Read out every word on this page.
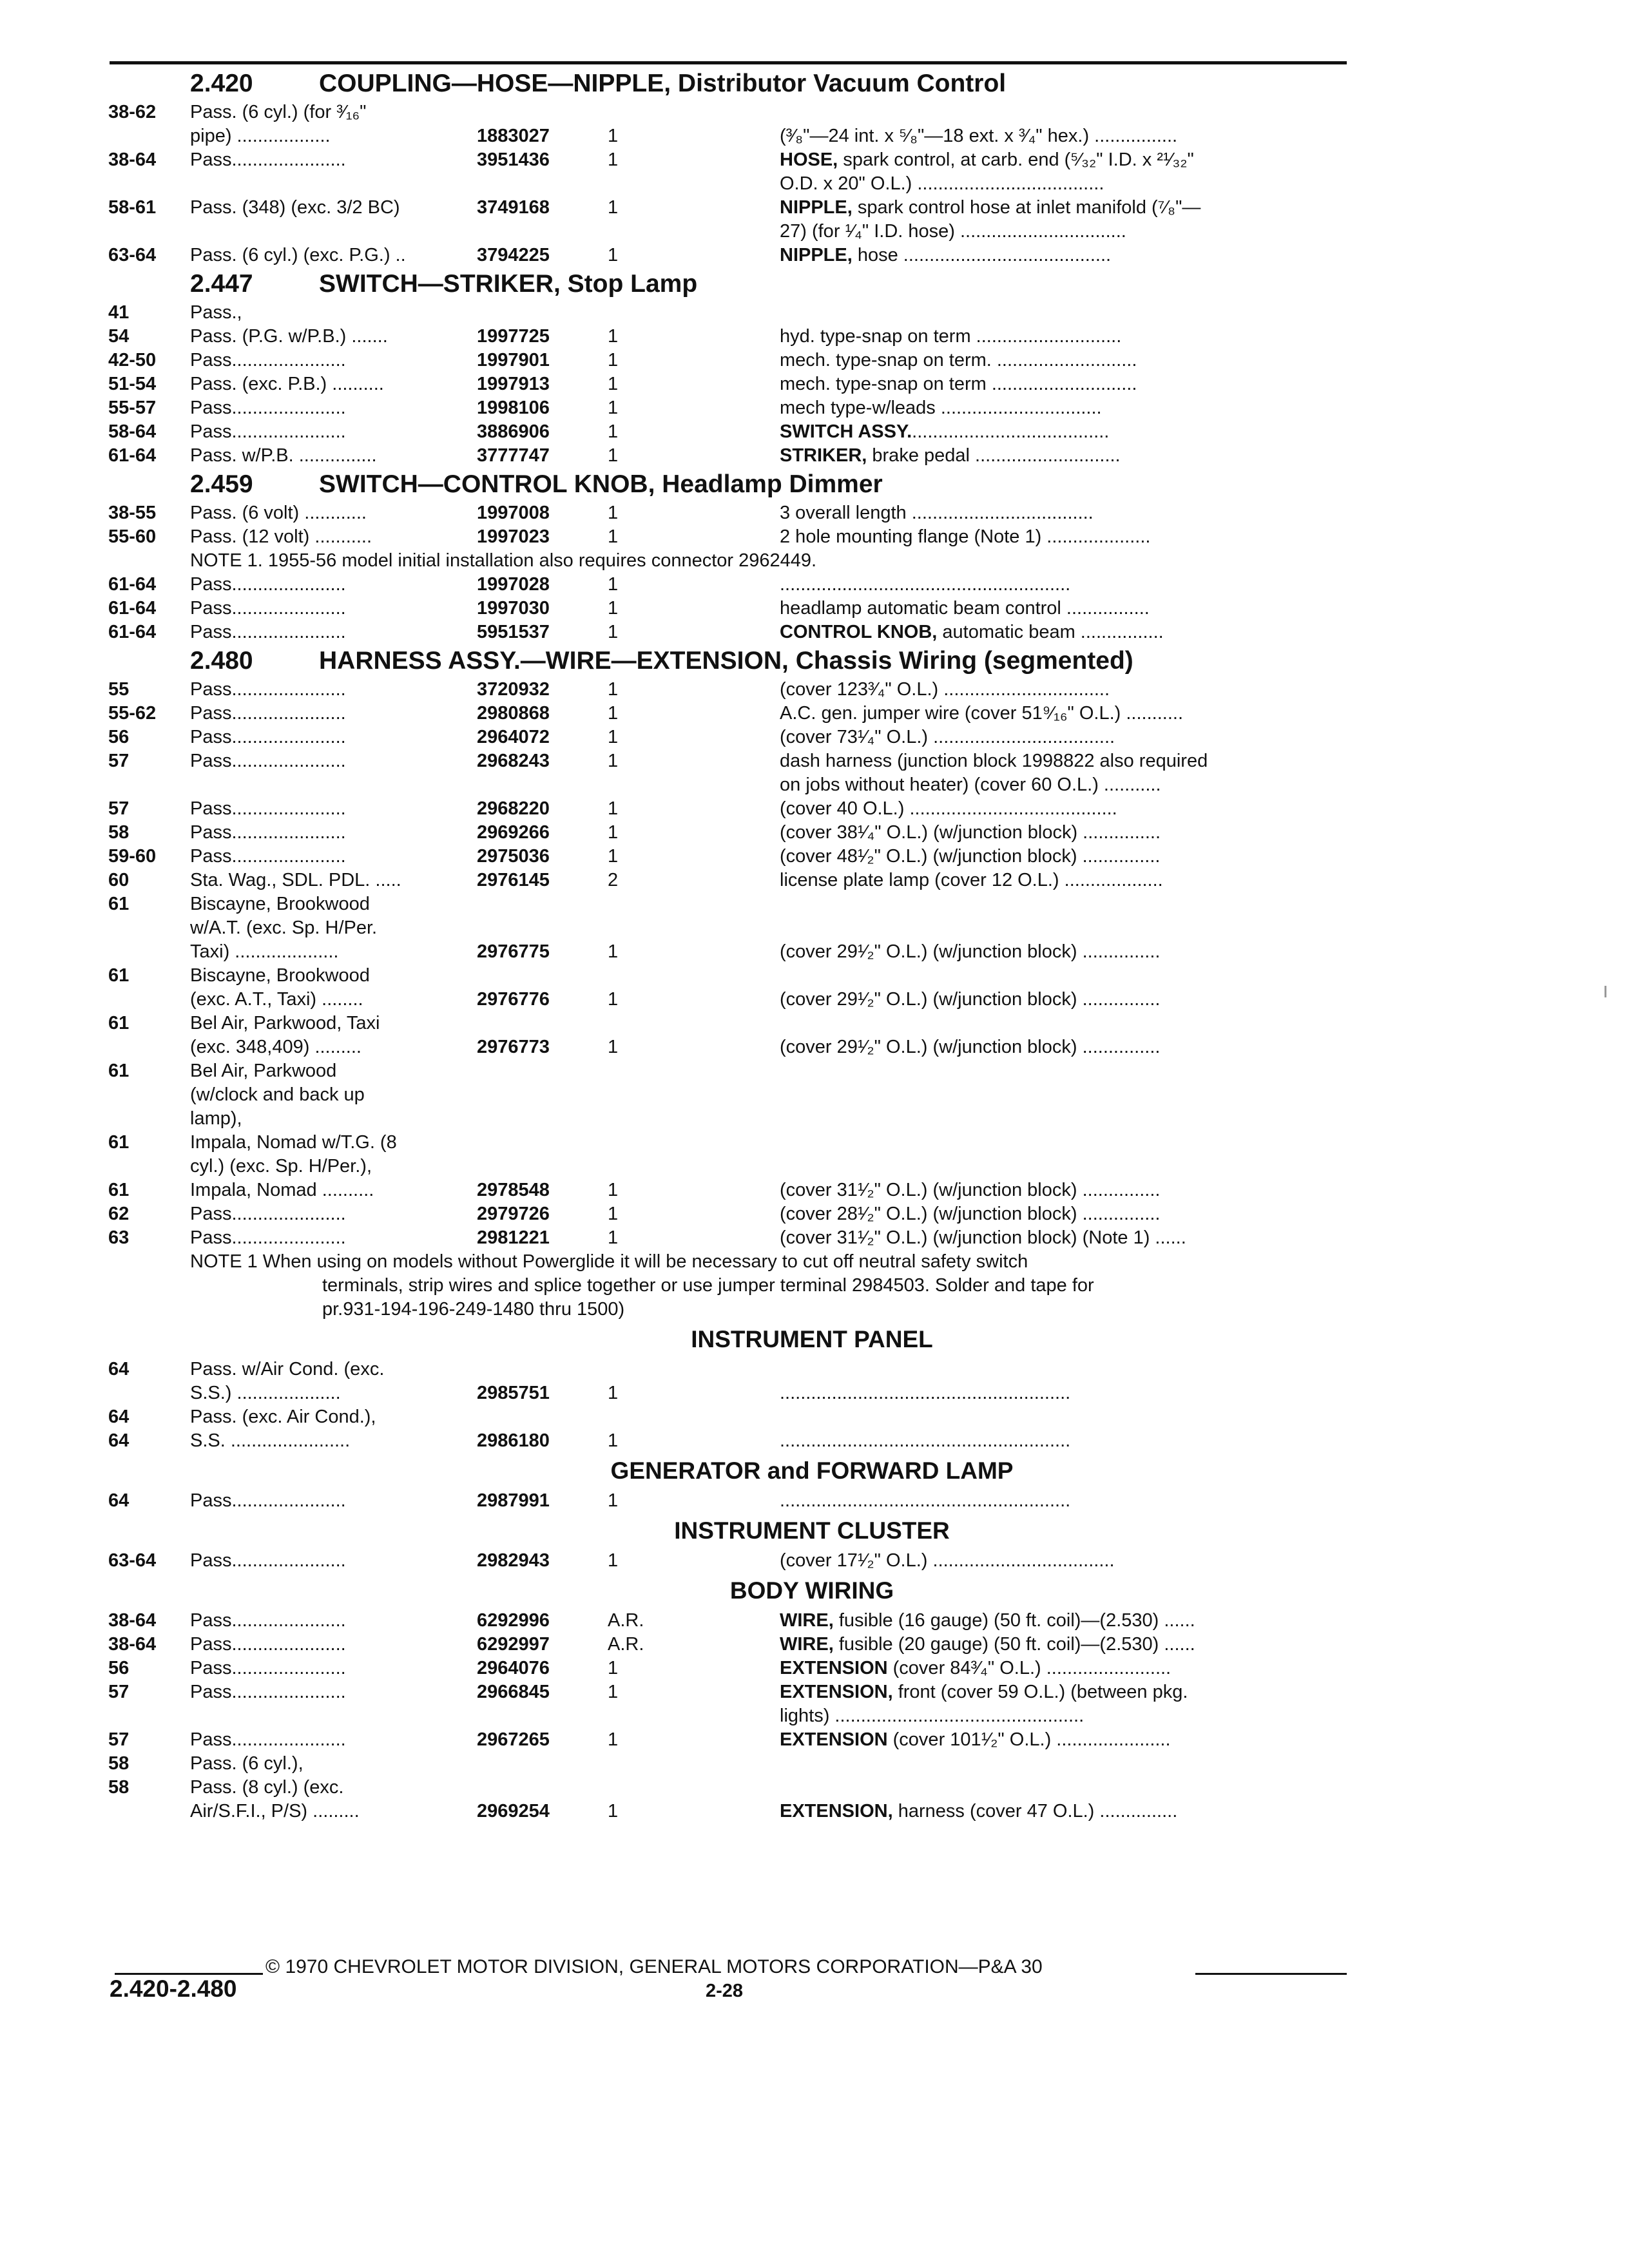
2.420	COUPLING—HOSE—NIPPLE, Distributor Vacuum Control
38-62 Pass. (6 cyl.) (for ³⁄₁₆"
pipe) ..................	1883027	1	(³⁄₈"—24 int. x ⁵⁄₈"—18 ext. x ³⁄₄" hex.) ................
38-64 Pass......................	3951436	1	HOSE, spark control, at carb. end (⁵⁄₃₂" I.D. x ²¹⁄₃₂"
O.D. x 20" O.L.) ....................................
58-61 Pass. (348) (exc. 3/2 BC)	3749168	1	NIPPLE, spark control hose at inlet manifold (⁷⁄₈"—
27) (for ¹⁄₄" I.D. hose) ................................
63-64 Pass. (6 cyl.) (exc. P.G.) ..	3794225	1	NIPPLE, hose ........................................
2.447	SWITCH—STRIKER, Stop Lamp
41	Pass.,
54	Pass. (P.G. w/P.B.) .......	1997725	1	hyd. type-snap on term ............................
42-50 Pass......................	1997901	1	mech. type-snap on term. ...........................
51-54 Pass. (exc. P.B.) ..........	1997913	1	mech. type-snap on term ............................
55-57 Pass......................	1998106	1	mech type-w/leads ...............................
58-64 Pass......................	3886906	1	SWITCH ASSY.......................................
61-64 Pass. w/P.B. ...............	3777747	1	STRIKER, brake pedal ............................
2.459	SWITCH—CONTROL KNOB, Headlamp Dimmer
38-55 Pass. (6 volt) ............	1997008	1	3 overall length ...................................
55-60 Pass. (12 volt) ...........	1997023	1	2 hole mounting flange (Note 1) ....................
NOTE 1. 1955-56 model initial installation also requires connector 2962449.
61-64 Pass......................	1997028	1	........................................................
61-64 Pass......................	1997030	1	headlamp automatic beam control ................
61-64 Pass......................	5951537	1	CONTROL KNOB, automatic beam ................
2.480	HARNESS ASSY.—WIRE—EXTENSION, Chassis Wiring (segmented)
55	Pass......................	3720932	1	(cover 123³⁄₄" O.L.) ................................
55-62 Pass......................	2980868	1	A.C. gen. jumper wire (cover 51⁹⁄₁₆" O.L.) ...........
56	Pass......................	2964072	1	(cover 73¹⁄₄" O.L.) ...................................
57	Pass......................	2968243	1	dash harness (junction block 1998822 also required
on jobs without heater) (cover 60 O.L.) ...........
57	Pass......................	2968220	1	(cover 40 O.L.) ........................................
58	Pass......................	2969266	1	(cover 38¹⁄₄" O.L.) (w/junction block) ...............
59-60 Pass......................	2975036	1	(cover 48¹⁄₂" O.L.) (w/junction block) ...............
60	Sta. Wag., SDL. PDL. .....	2976145	2	license plate lamp (cover 12 O.L.) ...................
61	Biscayne, Brookwood
w/A.T. (exc. Sp. H/Per.
Taxi) ....................	2976775	1	(cover 29¹⁄₂" O.L.) (w/junction block) ...............
61	Biscayne, Brookwood
(exc. A.T., Taxi) ........	2976776	1	(cover 29¹⁄₂" O.L.) (w/junction block) ...............
61	Bel Air, Parkwood, Taxi
(exc. 348,409) .........	2976773	1	(cover 29¹⁄₂" O.L.) (w/junction block) ...............
61	Bel Air, Parkwood
(w/clock and back up
lamp),
61	Impala, Nomad w/T.G. (8
cyl.) (exc. Sp. H/Per.),
61	Impala, Nomad ..........	2978548	1	(cover 31¹⁄₂" O.L.) (w/junction block) ...............
62	Pass......................	2979726	1	(cover 28¹⁄₂" O.L.) (w/junction block) ...............
63	Pass......................	2981221	1	(cover 31¹⁄₂" O.L.) (w/junction block) (Note 1) ......
NOTE 1 When using on models without Powerglide it will be necessary to cut off neutral safety switch
terminals, strip wires and splice together or use jumper terminal 2984503. Solder and tape for
pr.931-194-196-249-1480 thru 1500)
INSTRUMENT PANEL
64	Pass. w/Air Cond. (exc.
S.S.) ....................	2985751	1	........................................................
64	Pass. (exc. Air Cond.),
64	S.S. .......................	2986180	1	........................................................
GENERATOR and FORWARD LAMP
64	Pass......................	2987991	1	........................................................
INSTRUMENT CLUSTER
63-64 Pass......................	2982943	1	(cover 17¹⁄₂" O.L.) ...................................
BODY WIRING
38-64 Pass......................	6292996	A.R.	WIRE, fusible (16 gauge) (50 ft. coil)—(2.530) ......
38-64 Pass......................	6292997	A.R.	WIRE, fusible (20 gauge) (50 ft. coil)—(2.530) ......
56	Pass......................	2964076	1	EXTENSION (cover 84³⁄₄" O.L.) ........................
57	Pass......................	2966845	1	EXTENSION, front (cover 59 O.L.) (between pkg.
lights) ................................................
57	Pass......................	2967265	1	EXTENSION (cover 101¹⁄₂" O.L.) ......................
58	Pass. (6 cyl.),
58	Pass. (8 cyl.) (exc.
Air/S.F.I., P/S) .........	2969254	1	EXTENSION, harness (cover 47 O.L.) ...............
© 1970 CHEVROLET MOTOR DIVISION, GENERAL MOTORS CORPORATION—P&A 30
2.420-2.480	2-28
